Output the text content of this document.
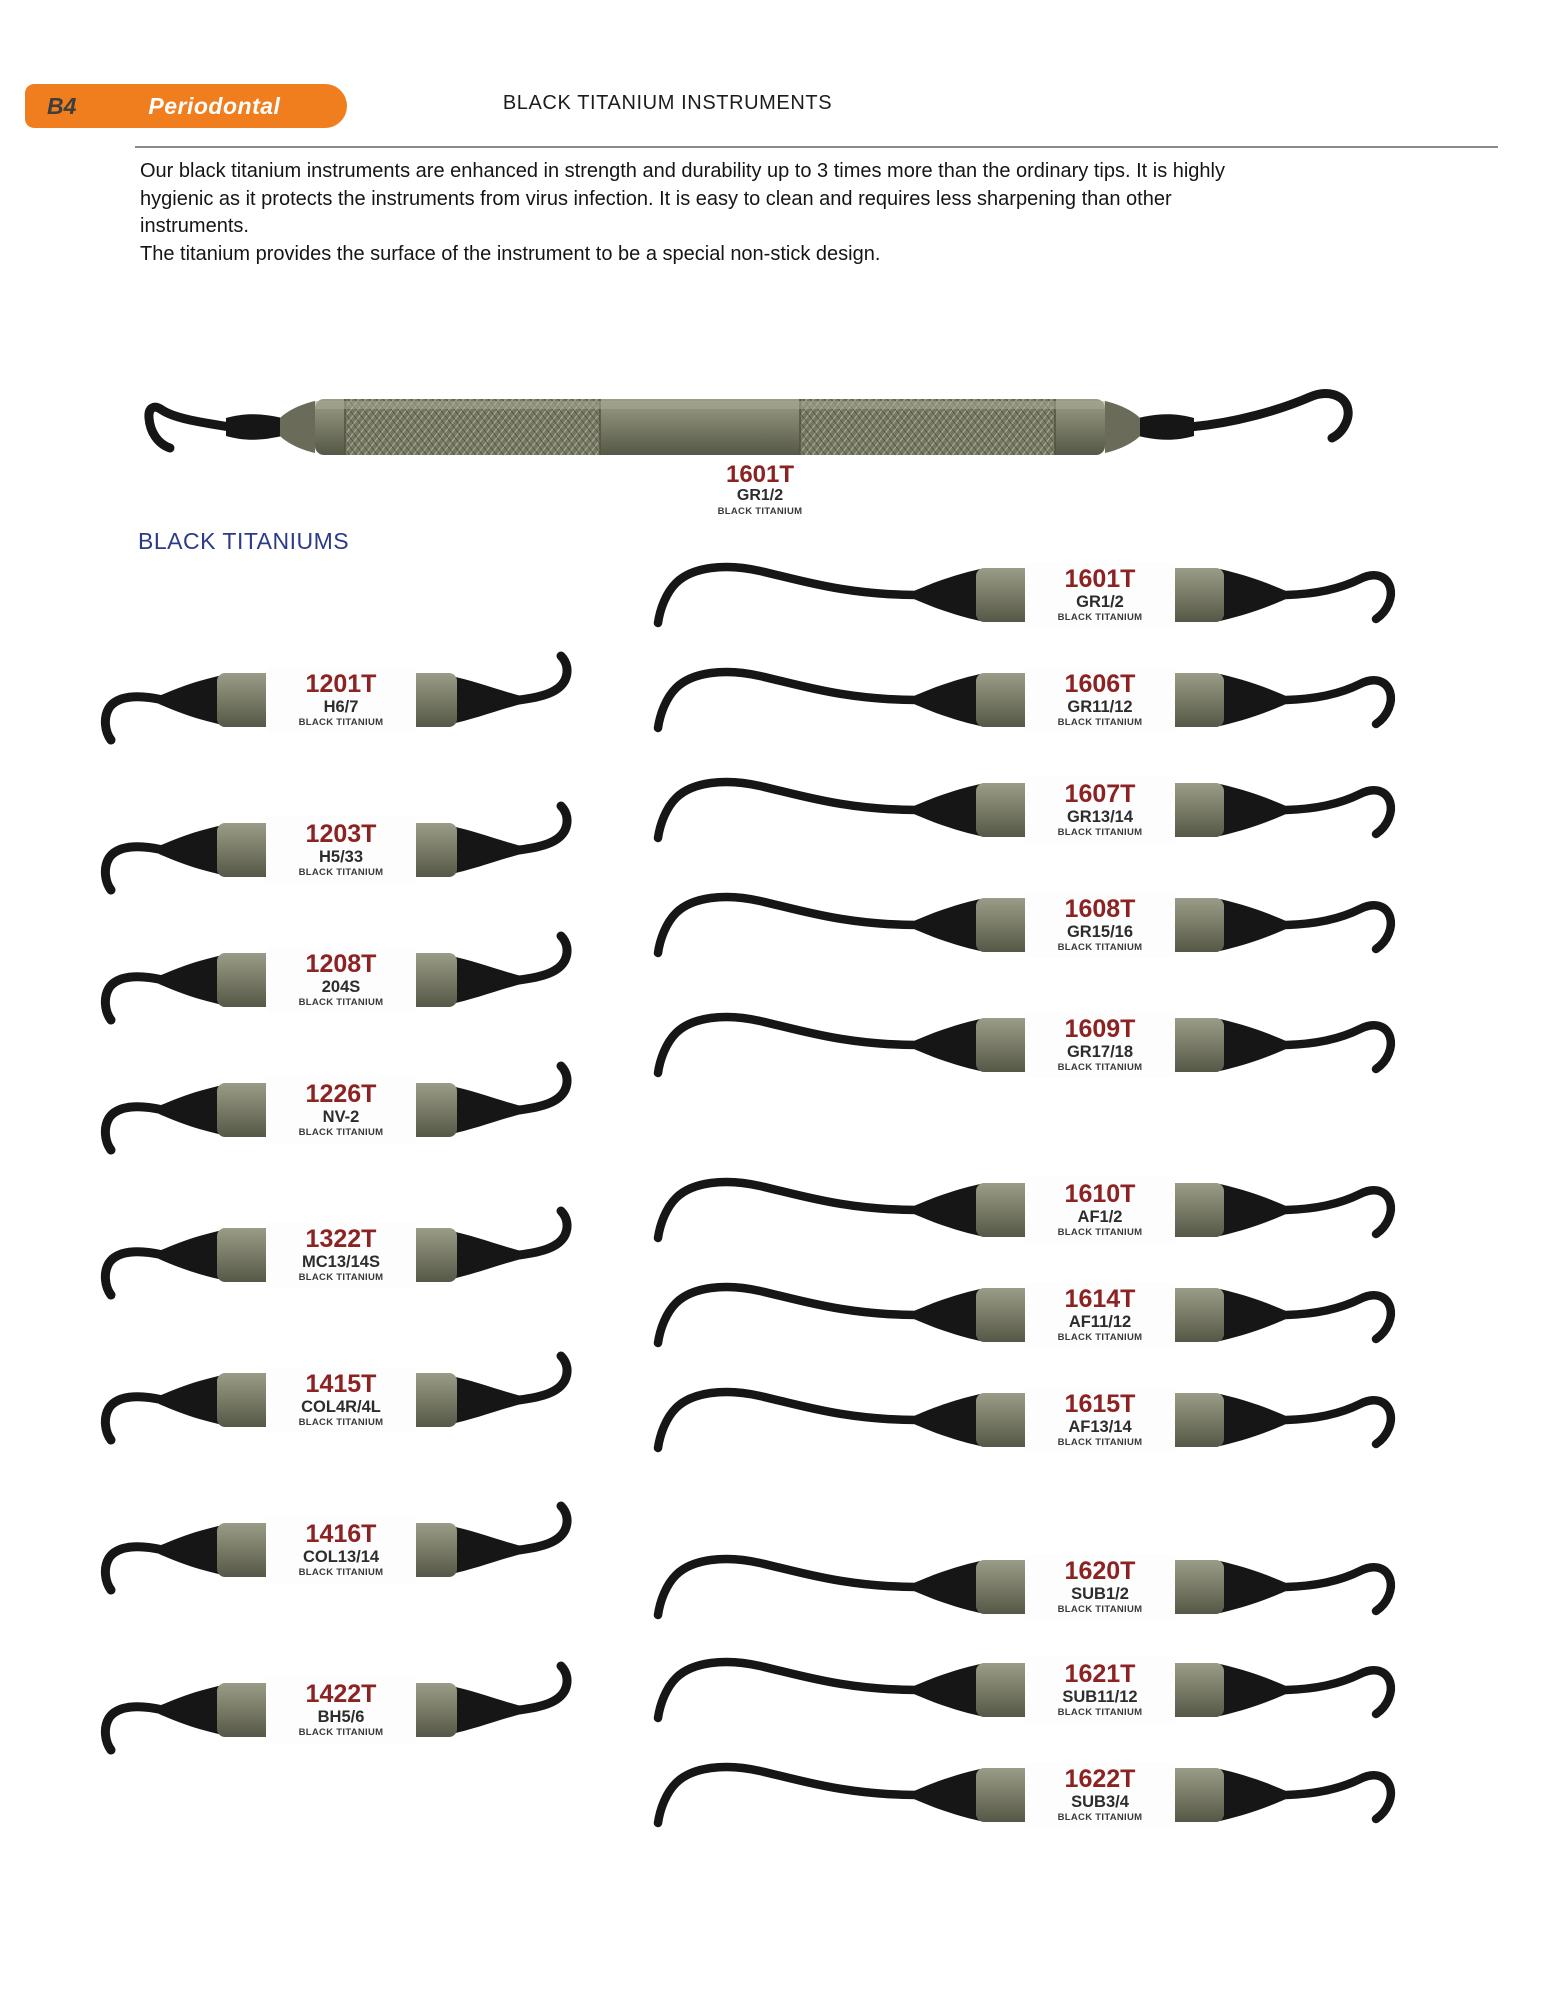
B4	Periodontal	BLACK TITANIUM INSTRUMENTS

Our black titanium instruments are enhanced in strength and durability up to 3 times more than the ordinary tips. It is highly hygienic as it protects the instruments from virus infection. It is easy to clean and requires less sharpening than other instruments.

The titanium provides the surface of the instrument to be a special non-stick design.

1601T
GR1/2
BLACK TITANIUM
BLACK TITANIUMS
1201T
H6/7
BLACK TITANIUM
1203T
H5/33
BLACK TITANIUM
1208T
204S
BLACK TITANIUM
1226T
NV-2
BLACK TITANIUM
1322T
MC13/14S
BLACK TITANIUM
1415T
COL4R/4L
BLACK TITANIUM
1416T
COL13/14
BLACK TITANIUM
1422T
BH5/6
BLACK TITANIUM
1601T
GR1/2
BLACK TITANIUM
1606T
GR11/12
BLACK TITANIUM
1607T
GR13/14
BLACK TITANIUM
1608T
GR15/16
BLACK TITANIUM
1609T
GR17/18
BLACK TITANIUM
1610T
AF1/2
BLACK TITANIUM
1614T
AF11/12
BLACK TITANIUM
1615T
AF13/14
BLACK TITANIUM
1620T
SUB1/2
BLACK TITANIUM
1621T
SUB11/12
BLACK TITANIUM
1622T
SUB3/4
BLACK TITANIUM
